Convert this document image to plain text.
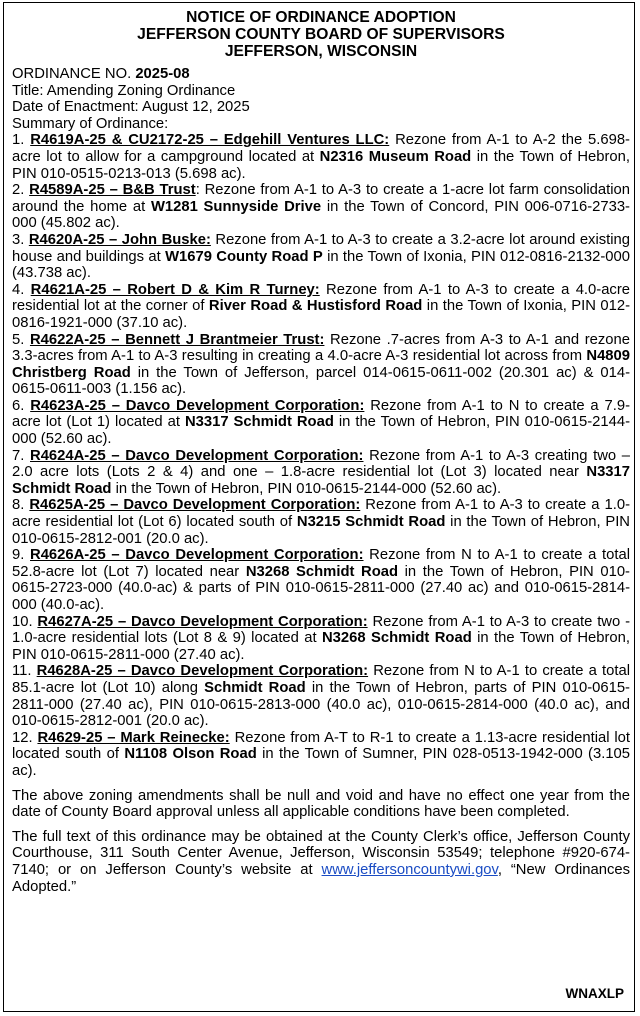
NOTICE OF ORDINANCE ADOPTION
JEFFERSON COUNTY BOARD OF SUPERVISORS
JEFFERSON, WISCONSIN
ORDINANCE NO. 2025-08
Title: Amending Zoning Ordinance
Date of Enactment: August 12, 2025
Summary of Ordinance:
1. R4619A-25 & CU2172-25 – Edgehill Ventures LLC: Rezone from A-1 to A-2 the 5.698-acre lot to allow for a campground located at N2316 Museum Road in the Town of Hebron, PIN 010-0515-0213-013 (5.698 ac).
2. R4589A-25 – B&B Trust: Rezone from A-1 to A-3 to create a 1-acre lot farm consolidation around the home at W1281 Sunnyside Drive in the Town of Concord, PIN 006-0716-2733-000 (45.802 ac).
3. R4620A-25 – John Buske: Rezone from A-1 to A-3 to create a 3.2-acre lot around existing house and buildings at W1679 County Road P in the Town of Ixonia, PIN 012-0816-2132-000 (43.738 ac).
4. R4621A-25 – Robert D & Kim R Turney: Rezone from A-1 to A-3 to create a 4.0-acre residential lot at the corner of River Road & Hustisford Road in the Town of Ixonia, PIN 012-0816-1921-000 (37.10 ac).
5. R4622A-25 – Bennett J Brantmeier Trust: Rezone .7-acres from A-3 to A-1 and rezone 3.3-acres from A-1 to A-3 resulting in creating a 4.0-acre A-3 residential lot across from N4809 Christberg Road in the Town of Jefferson, parcel 014-0615-0611-002 (20.301 ac) & 014-0615-0611-003 (1.156 ac).
6. R4623A-25 – Davco Development Corporation: Rezone from A-1 to N to create a 7.9-acre lot (Lot 1) located at N3317 Schmidt Road in the Town of Hebron, PIN 010-0615-2144-000 (52.60 ac).
7. R4624A-25 – Davco Development Corporation: Rezone from A-1 to A-3 creating two – 2.0 acre lots (Lots 2 & 4) and one – 1.8-acre residential lot (Lot 3) located near N3317 Schmidt Road in the Town of Hebron, PIN 010-0615-2144-000 (52.60 ac).
8. R4625A-25 – Davco Development Corporation: Rezone from A-1 to A-3 to create a 1.0-acre residential lot (Lot 6) located south of N3215 Schmidt Road in the Town of Hebron, PIN 010-0615-2812-001 (20.0 ac).
9. R4626A-25 – Davco Development Corporation: Rezone from N to A-1 to create a total 52.8-acre lot (Lot 7) located near N3268 Schmidt Road in the Town of Hebron, PIN 010-0615-2723-000 (40.0-ac) & parts of PIN 010-0615-2811-000 (27.40 ac) and 010-0615-2814-000 (40.0-ac).
10. R4627A-25 – Davco Development Corporation: Rezone from A-1 to A-3 to create two - 1.0-acre residential lots (Lot 8 & 9) located at N3268 Schmidt Road in the Town of Hebron, PIN 010-0615-2811-000 (27.40 ac).
11. R4628A-25 – Davco Development Corporation: Rezone from N to A-1 to create a total 85.1-acre lot (Lot 10) along Schmidt Road in the Town of Hebron, parts of PIN 010-0615-2811-000 (27.40 ac), PIN 010-0615-2813-000 (40.0 ac), 010-0615-2814-000 (40.0 ac), and 010-0615-2812-001 (20.0 ac).
12. R4629-25 – Mark Reinecke: Rezone from A-T to R-1 to create a 1.13-acre residential lot located south of N1108 Olson Road in the Town of Sumner, PIN 028-0513-1942-000 (3.105 ac).
The above zoning amendments shall be null and void and have no effect one year from the date of County Board approval unless all applicable conditions have been completed.
The full text of this ordinance may be obtained at the County Clerk’s office, Jefferson County Courthouse, 311 South Center Avenue, Jefferson, Wisconsin 53549; telephone #920-674-7140; or on Jefferson County’s website at www.jeffersoncountywi.gov, “New Ordinances Adopted.”
WNAXLP
